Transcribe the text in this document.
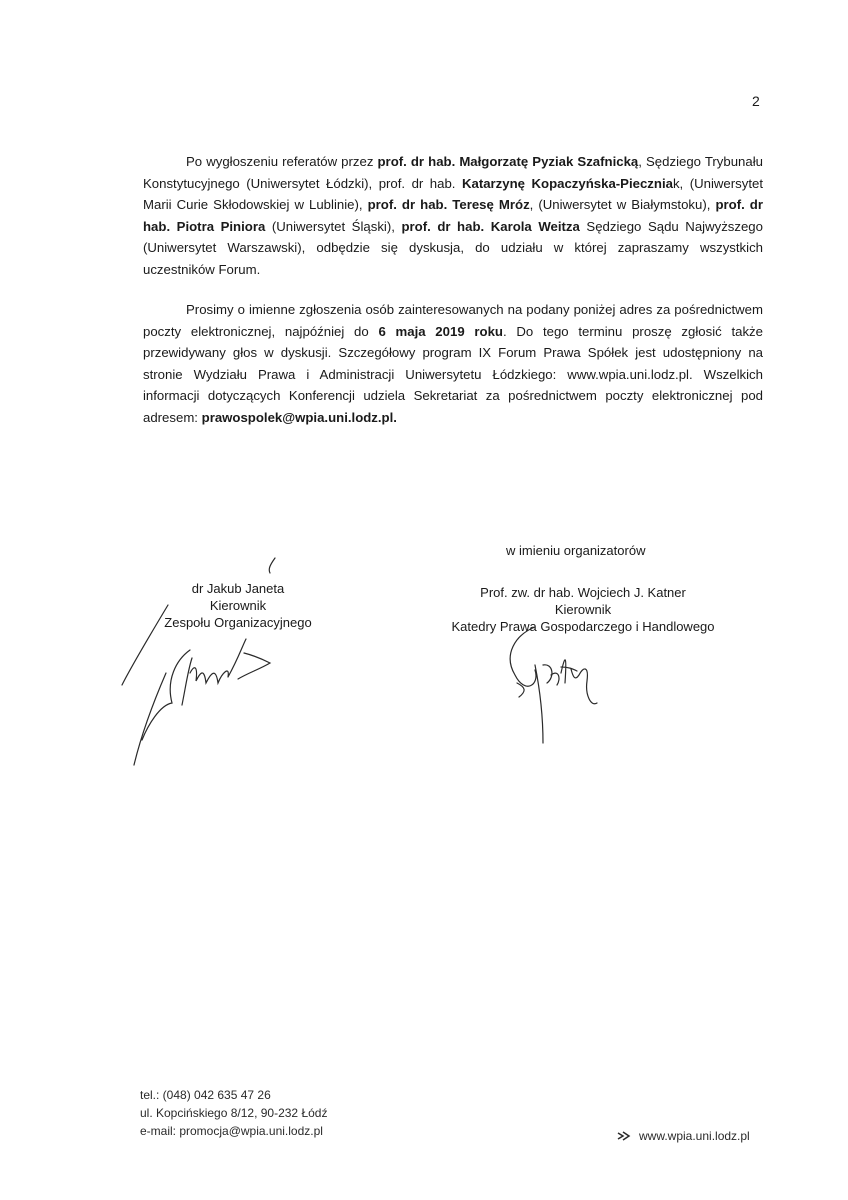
2

Po wygłoszeniu referatów przez prof. dr hab. Małgorzatę Pyziak Szafnicką, Sędziego Trybunału Konstytucyjnego (Uniwersytet Łódzki), prof. dr hab. Katarzynę Kopaczyńska-Pieczniak, (Uniwersytet Marii Curie Skłodowskiej w Lublinie), prof. dr hab. Teresę Mróz, (Uniwersytet w Białymstoku), prof. dr hab. Piotra Piniora (Uniwersytet Śląski), prof. dr hab. Karola Weitza Sędziego Sądu Najwyższego (Uniwersytet Warszawski), odbędzie się dyskusja, do udziału w której zapraszamy wszystkich uczestników Forum.

Prosimy o imienne zgłoszenia osób zainteresowanych na podany poniżej adres za pośrednictwem poczty elektronicznej, najpóźniej do 6 maja 2019 roku. Do tego terminu proszę zgłosić także przewidywany głos w dyskusji. Szczegółowy program IX Forum Prawa Spółek jest udostępniony na stronie Wydziału Prawa i Administracji Uniwersytetu Łódzkiego: www.wpia.uni.lodz.pl. Wszelkich informacji dotyczących Konferencji udziela Sekretariat za pośrednictwem poczty elektronicznej pod adresem: prawospolek@wpia.uni.lodz.pl.

w imieniu organizatorów
dr Jakub Janeta
Kierownik
Zespołu Organizacyjnego
Prof. zw. dr hab. Wojciech J. Katner
Kierownik
Katedry Prawa Gospodarczego i Handlowego
tel.: (048) 042 635 47 26
ul. Kopcińskiego 8/12, 90-232 Łódź
e-mail: promocja@wpia.uni.lodz.pl	www.wpia.uni.lodz.pl
